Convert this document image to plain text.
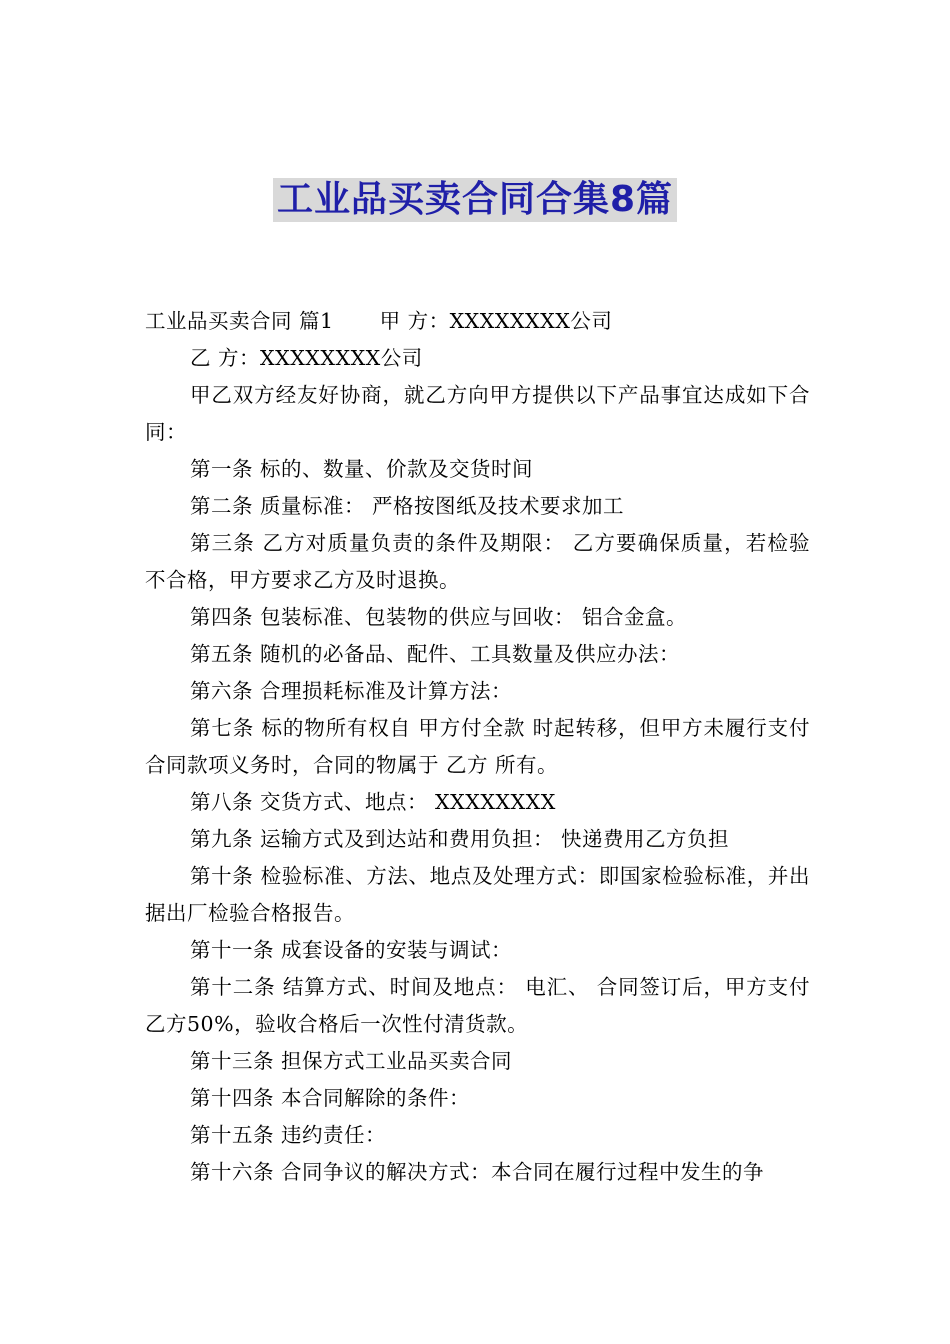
工业品买卖合同合集8篇

工业品买卖合同 篇1 甲 方：XXXXXXXX公司

乙 方：XXXXXXXX公司

甲乙双方经友好协商，就乙方向甲方提供以下产品事宜达成如下合同：

第一条 标的、数量、价款及交货时间

第二条 质量标准： 严格按图纸及技术要求加工

第三条 乙方对质量负责的条件及期限： 乙方要确保质量，若检验不合格，甲方要求乙方及时退换。

第四条 包装标准、包装物的供应与回收： 铝合金盒。

第五条 随机的必备品、配件、工具数量及供应办法：

第六条 合理损耗标准及计算方法：

第七条 标的物所有权自 甲方付全款 时起转移，但甲方未履行支付合同款项义务时，合同的物属于 乙方 所有。

第八条 交货方式、地点： XXXXXXXX

第九条 运输方式及到达站和费用负担： 快递费用乙方负担

第十条 检验标准、方法、地点及处理方式：即国家检验标准，并出据出厂检验合格报告。

第十一条 成套设备的安装与调试：

第十二条 结算方式、时间及地点： 电汇、 合同签订后，甲方支付乙方50%，验收合格后一次性付清货款。

第十三条 担保方式工业品买卖合同

第十四条 本合同解除的条件：

第十五条 违约责任：

第十六条 合同争议的解决方式：本合同在履行过程中发生的争
